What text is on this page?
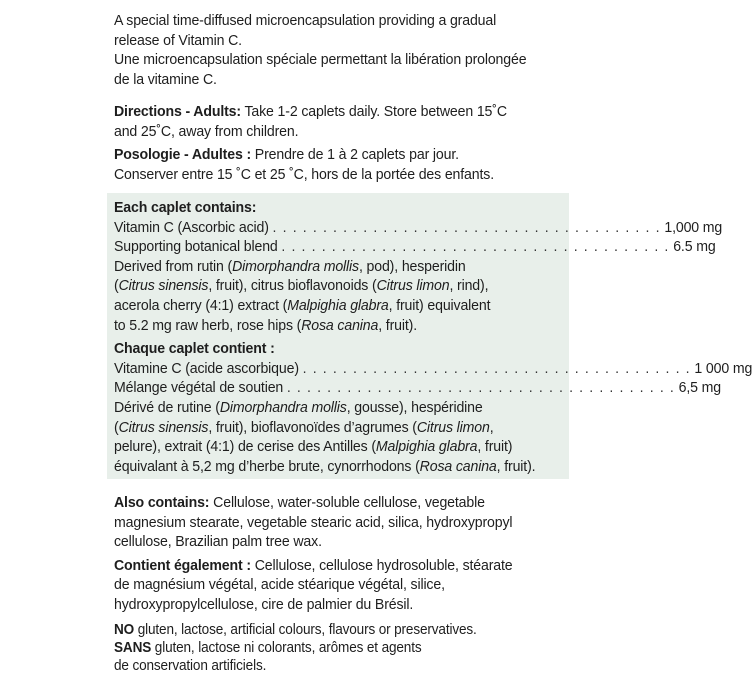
A special time-diffused microencapsulation providing a gradual

release of Vitamin C.

Une microencapsulation spéciale permettant la libération prolongée

de la vitamine C.

Directions - Adults: Take 1-2 caplets daily. Store between 15˚C

and 25˚C, away from children.

Posologie - Adultes : Prendre de 1 à 2 caplets par jour.

Conserver entre 15 ˚C et 25 ˚C, hors de la portée des enfants.

Each caplet contains:

Vitamin C (Ascorbic acid) . . . . . . . . . . . . . . . . . . . . . . . . . . . . . . . . . . . . . . . 1,000 mg
Supporting botanical blend . . . . . . . . . . . . . . . . . . . . . . . . . . . . . . . . . . . . . . . 6.5 mg

Derived from rutin (Dimorphandra mollis, pod), hesperidin

(Citrus sinensis, fruit), citrus bioflavonoids (Citrus limon, rind),

acerola cherry (4:1) extract (Malpighia glabra, fruit) equivalent

to 5.2 mg raw herb, rose hips (Rosa canina, fruit).

Chaque caplet contient :

Vitamine C (acide ascorbique) . . . . . . . . . . . . . . . . . . . . . . . . . . . . . . . . . . . . . . . 1 000 mg
Mélange végétal de soutien . . . . . . . . . . . . . . . . . . . . . . . . . . . . . . . . . . . . . . . 6,5 mg

Dérivé de rutine (Dimorphandra mollis, gousse), hespéridine

(Citrus sinensis, fruit), bioflavonoïdes d’agrumes (Citrus limon,

pelure), extrait (4:1) de cerise des Antilles (Malpighia glabra, fruit)

équivalant à 5,2 mg d’herbe brute, cynorrhodons (Rosa canina, fruit).

Also contains: Cellulose, water-soluble cellulose, vegetable

magnesium stearate, vegetable stearic acid, silica, hydroxypropyl

cellulose, Brazilian palm tree wax.

Contient également : Cellulose, cellulose hydrosoluble, stéarate

de magnésium végétal, acide stéarique végétal, silice,

hydroxypropylcellulose, cire de palmier du Brésil.

NO gluten, lactose, artificial colours, flavours or preservatives.

SANS gluten, lactose ni colorants, arômes et agents

de conservation artificiels.
